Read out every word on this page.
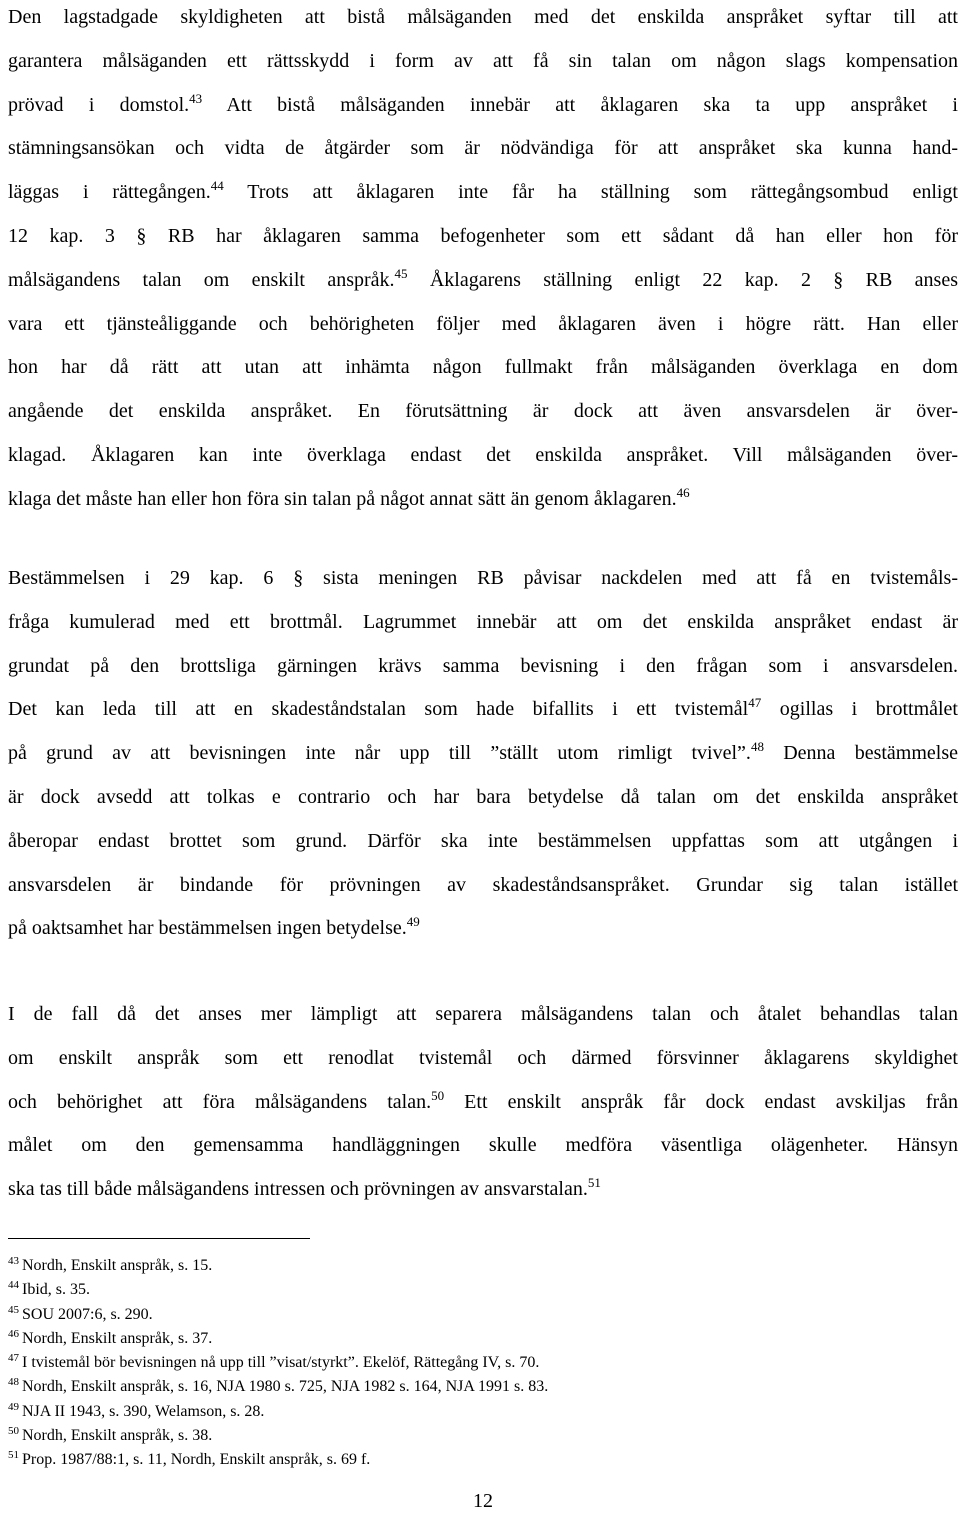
Den lagstadgade skyldigheten att bistå målsäganden med det enskilda anspråket syftar till att
garantera målsäganden ett rättsskydd i form av att få sin talan om någon slags kompensation
prövad i domstol.$^{43}$ Att bistå målsäganden innebär att åklagaren ska ta upp anspråket i
stämningsansökan och vidta de åtgärder som är nödvändiga för att anspråket ska kunna hand-
läggas i rättegången.$^{44}$ Trots att åklagaren inte får ha ställning som rättegångsombud enligt
12 kap. 3 § RB har åklagaren samma befogenheter som ett sådant då han eller hon för
målsägandens talan om enskilt anspråk.$^{45}$ Åklagarens ställning enligt 22 kap. 2 § RB anses
vara ett tjänsteåliggande och behörigheten följer med åklagaren även i högre rätt. Han eller
hon har då rätt att utan att inhämta någon fullmakt från målsäganden överklaga en dom
angående det enskilda anspråket. En förutsättning är dock att även ansvarsdelen är över-
klagad. Åklagaren kan inte överklaga endast det enskilda anspråket. Vill målsäganden över-
klaga det måste han eller hon föra sin talan på något annat sätt än genom åklagaren.$^{46}$
Bestämmelsen i 29 kap. 6 § sista meningen RB påvisar nackdelen med att få en tvistemåls-
fråga kumulerad med ett brottmål. Lagrummet innebär att om det enskilda anspråket endast är
grundat på den brottsliga gärningen krävs samma bevisning i den frågan som i ansvarsdelen.
Det kan leda till att en skadeståndstalan som hade bifallits i ett tvistemål$^{47}$ ogillas i brottmålet
på grund av att bevisningen inte når upp till ”ställt utom rimligt tvivel”.$^{48}$ Denna bestämmelse
är dock avsedd att tolkas e contrario och har bara betydelse då talan om det enskilda anspråket
åberopar endast brottet som grund. Därför ska inte bestämmelsen uppfattas som att utgången i
ansvarsdelen är bindande för prövningen av skadeståndsanspråket. Grundar sig talan istället
på oaktsamhet har bestämmelsen ingen betydelse.$^{49}$
I de fall då det anses mer lämpligt att separera målsägandens talan och åtalet behandlas talan
om enskilt anspråk som ett renodlat tvistemål och därmed försvinner åklagarens skyldighet
och behörighet att föra målsägandens talan.$^{50}$ Ett enskilt anspråk får dock endast avskiljas från
målet om den gemensamma handläggningen skulle medföra väsentliga olägenheter. Hänsyn
ska tas till både målsägandens intressen och prövningen av ansvarstalan.$^{51}$
$^{43}$ Nordh, Enskilt anspråk, s. 15.
$^{44}$ Ibid, s. 35.
$^{45}$ SOU 2007:6, s. 290.
$^{46}$ Nordh, Enskilt anspråk, s. 37.
$^{47}$ I tvistemål bör bevisningen nå upp till ”visat/styrkt”. Ekelöf, Rättegång IV, s. 70.
$^{48}$ Nordh, Enskilt anspråk, s. 16, NJA 1980 s. 725, NJA 1982 s. 164, NJA 1991 s. 83.
$^{49}$ NJA II 1943, s. 390, Welamson, s. 28.
$^{50}$ Nordh, Enskilt anspråk, s. 38.
$^{51}$ Prop. 1987/88:1, s. 11, Nordh, Enskilt anspråk, s. 69 f.
12
